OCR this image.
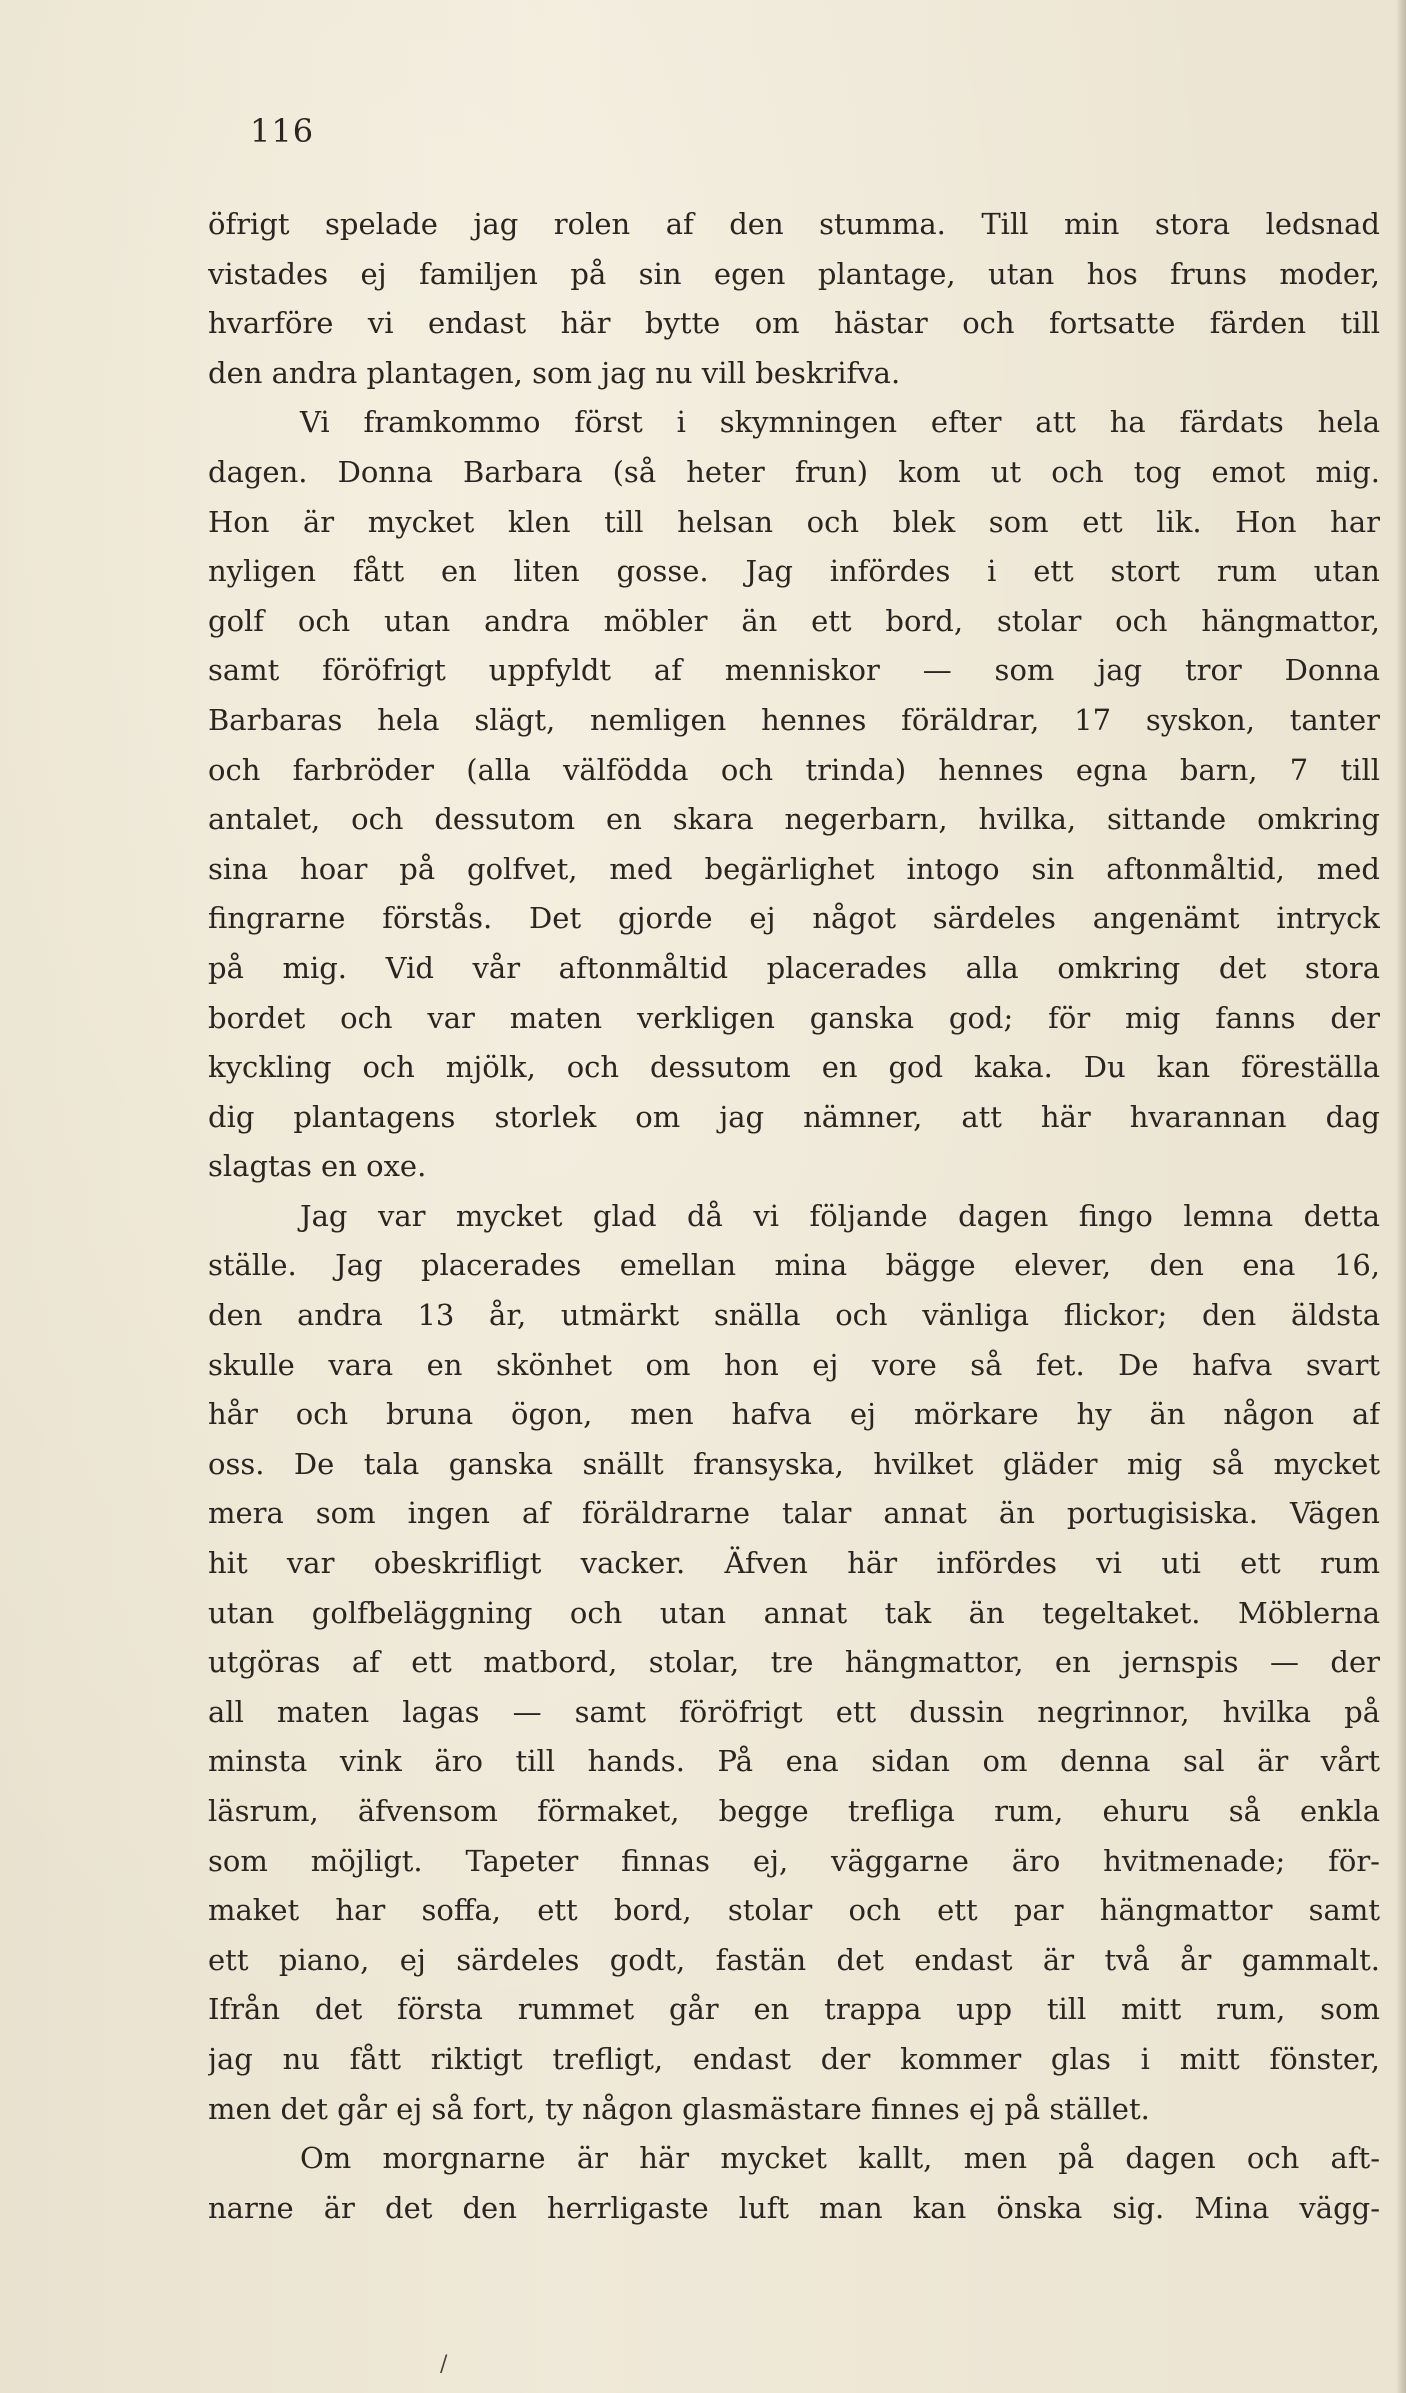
116
öfrigt spelade jag rolen af den stumma. Till min stora ledsnad
vistades ej familjen på sin egen plantage, utan hos fruns moder,
hvarföre vi endast här bytte om hästar och fortsatte färden till
den andra plantagen, som jag nu vill beskrifva.
Vi framkommo först i skymningen efter att ha färdats hela
dagen. Donna Barbara (så heter frun) kom ut och tog emot mig.
Hon är mycket klen till helsan och blek som ett lik. Hon har
nyligen fått en liten gosse. Jag infördes i ett stort rum utan
golf och utan andra möbler än ett bord, stolar och hängmattor,
samt föröfrigt uppfyldt af menniskor — som jag tror Donna
Barbaras hela slägt, nemligen hennes föräldrar, 17 syskon, tanter
och farbröder (alla välfödda och trinda) hennes egna barn, 7 till
antalet, och dessutom en skara negerbarn, hvilka, sittande omkring
sina hoar på golfvet, med begärlighet intogo sin aftonmåltid, med
fingrarne förstås. Det gjorde ej något särdeles angenämt intryck
på mig. Vid vår aftonmåltid placerades alla omkring det stora
bordet och var maten verkligen ganska god; för mig fanns der
kyckling och mjölk, och dessutom en god kaka. Du kan föreställa
dig plantagens storlek om jag nämner, att här hvarannan dag
slagtas en oxe.
Jag var mycket glad då vi följande dagen fingo lemna detta
ställe. Jag placerades emellan mina bägge elever, den ena 16,
den andra 13 år, utmärkt snälla och vänliga flickor; den äldsta
skulle vara en skönhet om hon ej vore så fet. De hafva svart
hår och bruna ögon, men hafva ej mörkare hy än någon af
oss. De tala ganska snällt fransyska, hvilket gläder mig så mycket
mera som ingen af föräldrarne talar annat än portugisiska. Vägen
hit var obeskrifligt vacker. Äfven här infördes vi uti ett rum
utan golfbeläggning och utan annat tak än tegeltaket. Möblerna
utgöras af ett matbord, stolar, tre hängmattor, en jernspis — der
all maten lagas — samt föröfrigt ett dussin negrinnor, hvilka på
minsta vink äro till hands. På ena sidan om denna sal är vårt
läsrum, äfvensom förmaket, begge trefliga rum, ehuru så enkla
som möjligt. Tapeter finnas ej, väggarne äro hvitmenade; för-
maket har soffa, ett bord, stolar och ett par hängmattor samt
ett piano, ej särdeles godt, fastän det endast är två år gammalt.
Ifrån det första rummet går en trappa upp till mitt rum, som
jag nu fått riktigt trefligt, endast der kommer glas i mitt fönster,
men det går ej så fort, ty någon glasmästare finnes ej på stället.
Om morgnarne är här mycket kallt, men på dagen och aft-
narne är det den herrligaste luft man kan önska sig. Mina vägg-
/
